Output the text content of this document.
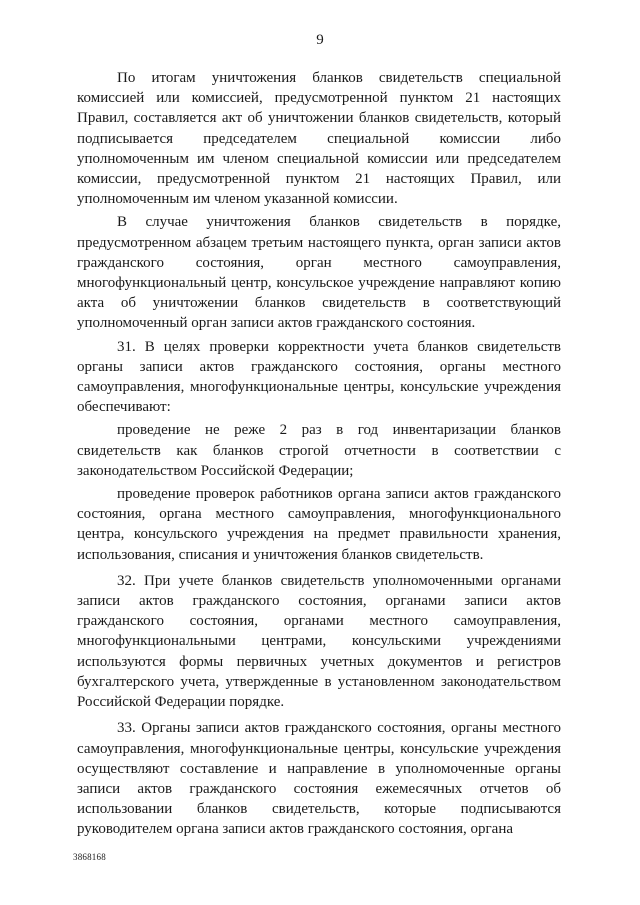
9

По итогам уничтожения бланков свидетельств специальной комиссией или комиссией, предусмотренной пунктом 21 настоящих Правил, составляется акт об уничтожении бланков свидетельств, который подписывается председателем специальной комиссии либо уполномоченным им членом специальной комиссии или председателем комиссии, предусмотренной пунктом 21 настоящих Правил, или уполномоченным им членом указанной комиссии.

В случае уничтожения бланков свидетельств в порядке, предусмотренном абзацем третьим настоящего пункта, орган записи актов гражданского состояния, орган местного самоуправления, многофункциональный центр, консульское учреждение направляют копию акта об уничтожении бланков свидетельств в соответствующий уполномоченный орган записи актов гражданского состояния.

31. В целях проверки корректности учета бланков свидетельств органы записи актов гражданского состояния, органы местного самоуправления, многофункциональные центры, консульские учреждения обеспечивают:

проведение не реже 2 раз в год инвентаризации бланков свидетельств как бланков строгой отчетности в соответствии с законодательством Российской Федерации;

проведение проверок работников органа записи актов гражданского состояния, органа местного самоуправления, многофункционального центра, консульского учреждения на предмет правильности хранения, использования, списания и уничтожения бланков свидетельств.

32. При учете бланков свидетельств уполномоченными органами записи актов гражданского состояния, органами записи актов гражданского состояния, органами местного самоуправления, многофункциональными центрами, консульскими учреждениями используются формы первичных учетных документов и регистров бухгалтерского учета, утвержденные в установленном законодательством Российской Федерации порядке.

33. Органы записи актов гражданского состояния, органы местного самоуправления, многофункциональные центры, консульские учреждения осуществляют составление и направление в уполномоченные органы записи актов гражданского состояния ежемесячных отчетов об использовании бланков свидетельств, которые подписываются руководителем органа записи актов гражданского состояния, органа

3868168
